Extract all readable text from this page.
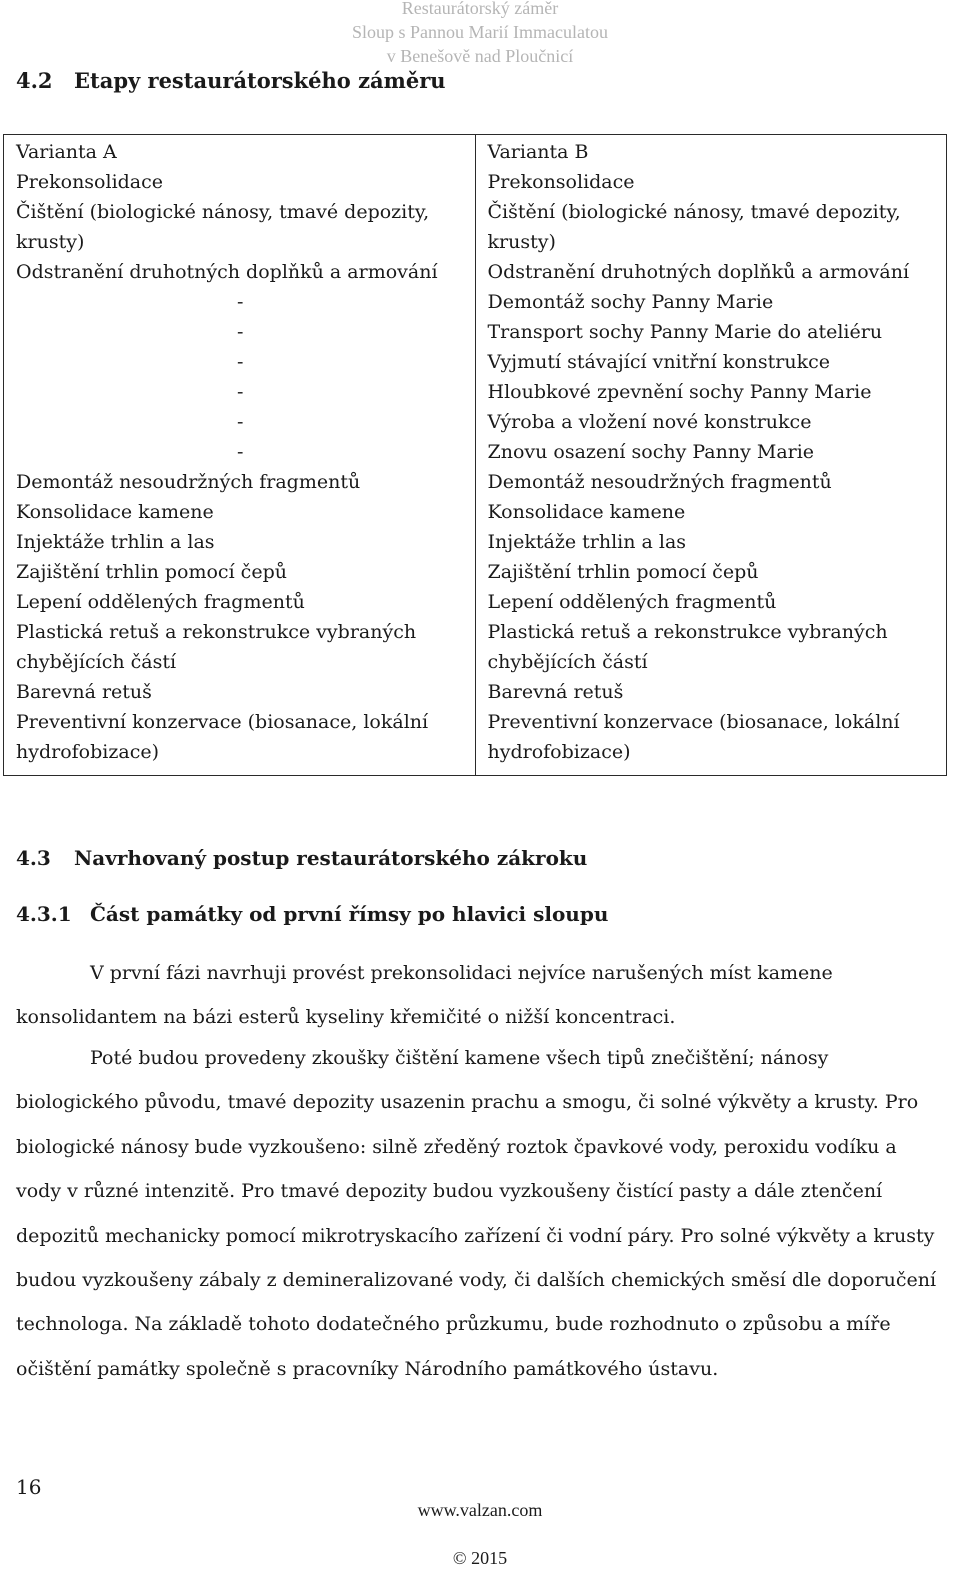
Restaurátorský záměr
Sloup s Pannou Marií Immaculatou
v Benešově nad Ploučnicí
4.2 Etapy restaurátorského záměru
Varianta A
Prekonsolidace
Čištění (biologické nánosy, tmavé depozity, krusty)
Odstranění druhotných doplňků a armování
-
-
-
-
-
-
Demontáž nesoudržných fragmentů
Konsolidace kamene
Injektáže trhlin a las
Zajištění trhlin pomocí čepů
Lepení oddělených fragmentů
Plastická retuš a rekonstrukce vybraných chybějících částí
Barevná retuš
Preventivní konzervace (biosanace, lokální hydrofobizace)

Varianta B
Prekonsolidace
Čištění (biologické nánosy, tmavé depozity, krusty)
Odstranění druhotných doplňků a armování
Demontáž sochy Panny Marie
Transport sochy Panny Marie do ateliéru
Vyjmutí stávající vnitřní konstrukce
Hloubkové zpevnění sochy Panny Marie
Výroba a vložení nové konstrukce
Znovu osazení sochy Panny Marie
Demontáž nesoudržných fragmentů
Konsolidace kamene
Injektáže trhlin a las
Zajištění trhlin pomocí čepů
Lepení oddělených fragmentů
Plastická retuš a rekonstrukce vybraných chybějících částí
Barevná retuš
Preventivní konzervace (biosanace, lokální hydrofobizace)
4.3 Navrhovaný postup restaurátorského zákroku
4.3.1 Část památky od první římsy po hlavici sloupu

V první fázi navrhuji provést prekonsolidaci nejvíce narušených míst kamene konsolidantem na bázi esterů kyseliny křemičité o nižší koncentraci.

Poté budou provedeny zkoušky čištění kamene všech tipů znečištění; nánosy biologického původu, tmavé depozity usazenin prachu a smogu, či solné výkvěty a krusty. Pro biologické nánosy bude vyzkoušeno: silně zředěný roztok čpavkové vody, peroxidu vodíku a vody v různé intenzitě. Pro tmavé depozity budou vyzkoušeny čistící pasty a dále ztenčení depozitů mechanicky pomocí mikrotryskacího zařízení či vodní páry. Pro solné výkvěty a krusty budou vyzkoušeny zábaly z demineralizované vody, či dalších chemických směsí dle doporučení technologa. Na základě tohoto dodatečného průzkumu, bude rozhodnuto o způsobu a míře očištění památky společně s pracovníky Národního památkového ústavu.

16
www.valzan.com
© 2015
